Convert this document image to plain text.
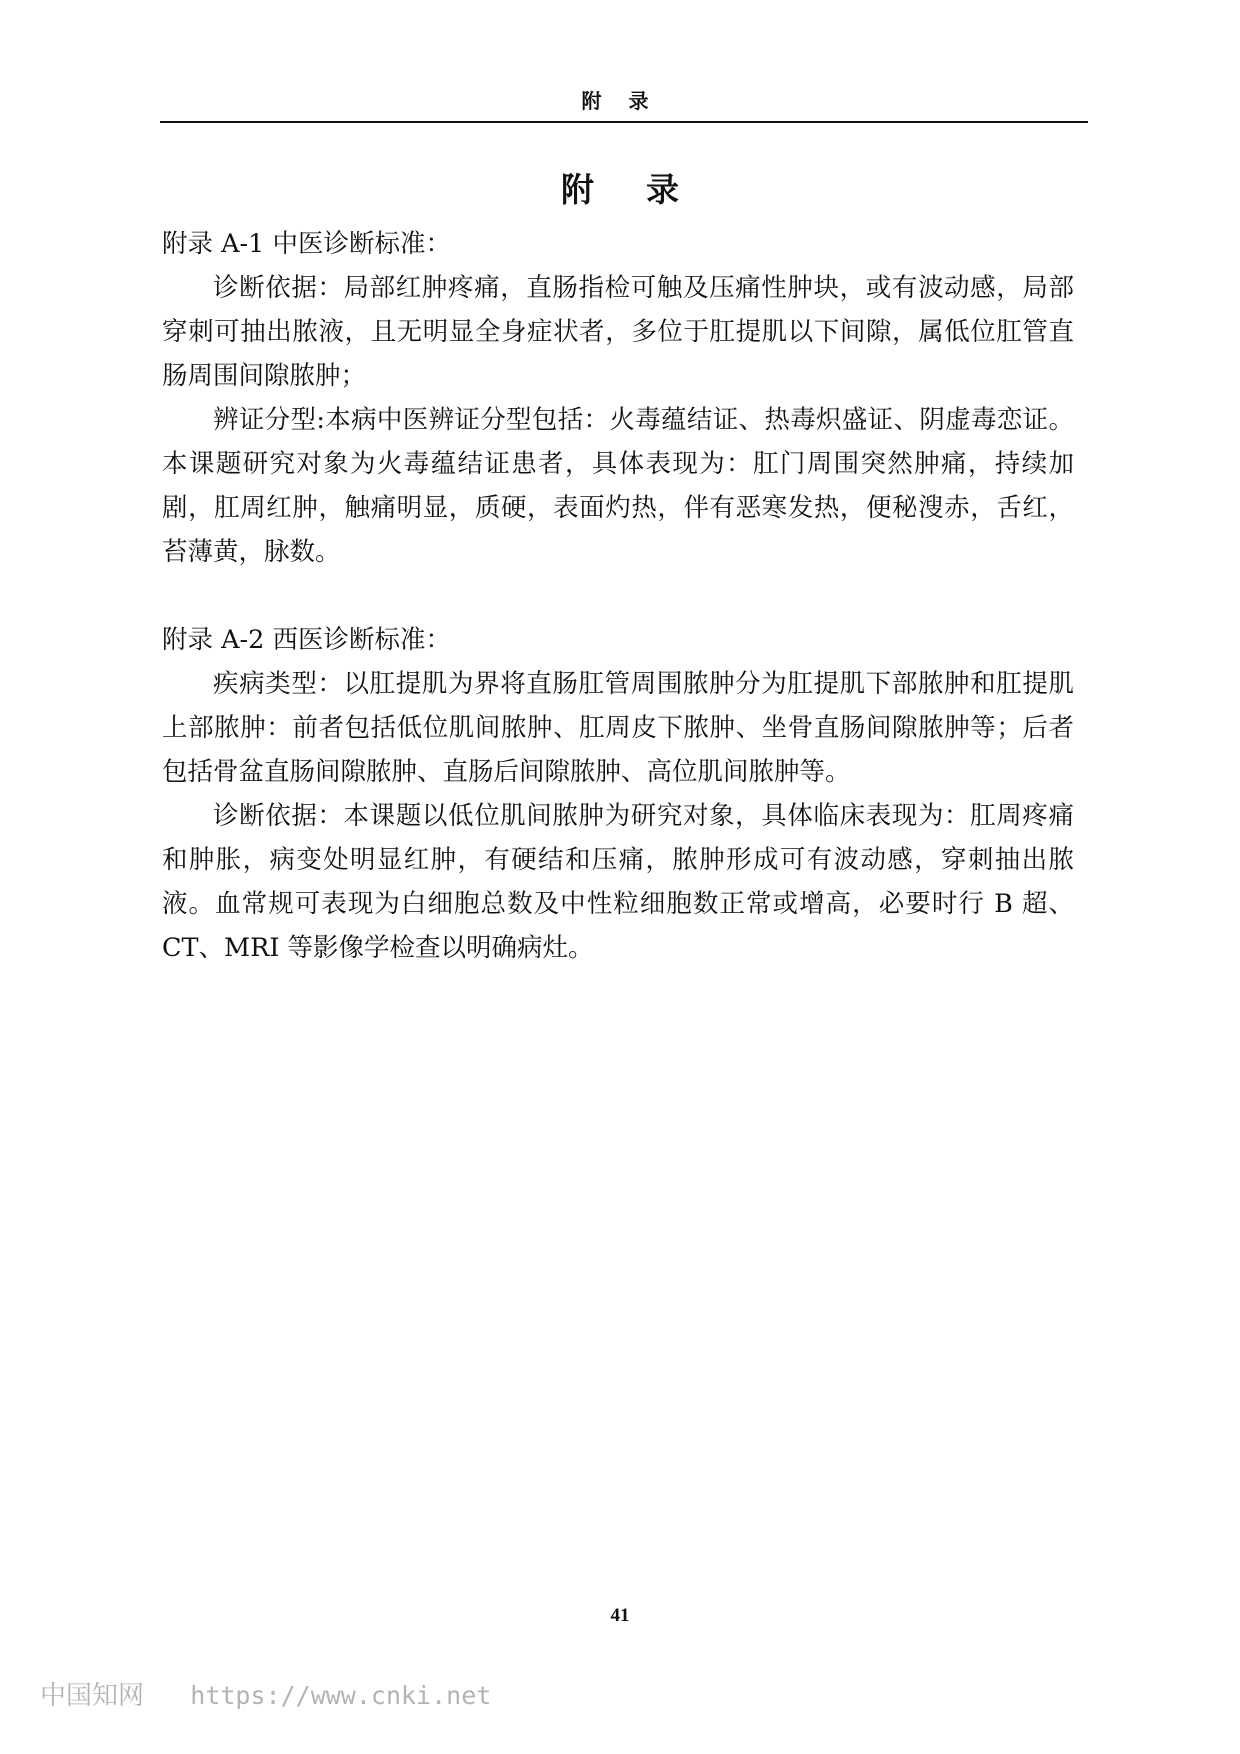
附 录
附录

附录 A-1 中医诊断标准：

诊断依据：局部红肿疼痛，直肠指检可触及压痛性肿块，或有波动感，局部穿刺可抽出脓液，且无明显全身症状者，多位于肛提肌以下间隙，属低位肛管直肠周围间隙脓肿；

辨证分型:本病中医辨证分型包括：火毒蕴结证、热毒炽盛证、阴虚毒恋证。本课题研究对象为火毒蕴结证患者，具体表现为：肛门周围突然肿痛，持续加剧，肛周红肿，触痛明显，质硬，表面灼热，伴有恶寒发热，便秘溲赤，舌红，苔薄黄，脉数。

附录 A-2 西医诊断标准：

疾病类型：以肛提肌为界将直肠肛管周围脓肿分为肛提肌下部脓肿和肛提肌上部脓肿：前者包括低位肌间脓肿、肛周皮下脓肿、坐骨直肠间隙脓肿等；后者包括骨盆直肠间隙脓肿、直肠后间隙脓肿、高位肌间脓肿等。

诊断依据：本课题以低位肌间脓肿为研究对象，具体临床表现为：肛周疼痛和肿胀，病变处明显红肿，有硬结和压痛，脓肿形成可有波动感，穿刺抽出脓液。血常规可表现为白细胞总数及中性粒细胞数正常或增高，必要时行 B 超、CT、MRI 等影像学检查以明确病灶。

41
中国知网 https://www.cnki.net
